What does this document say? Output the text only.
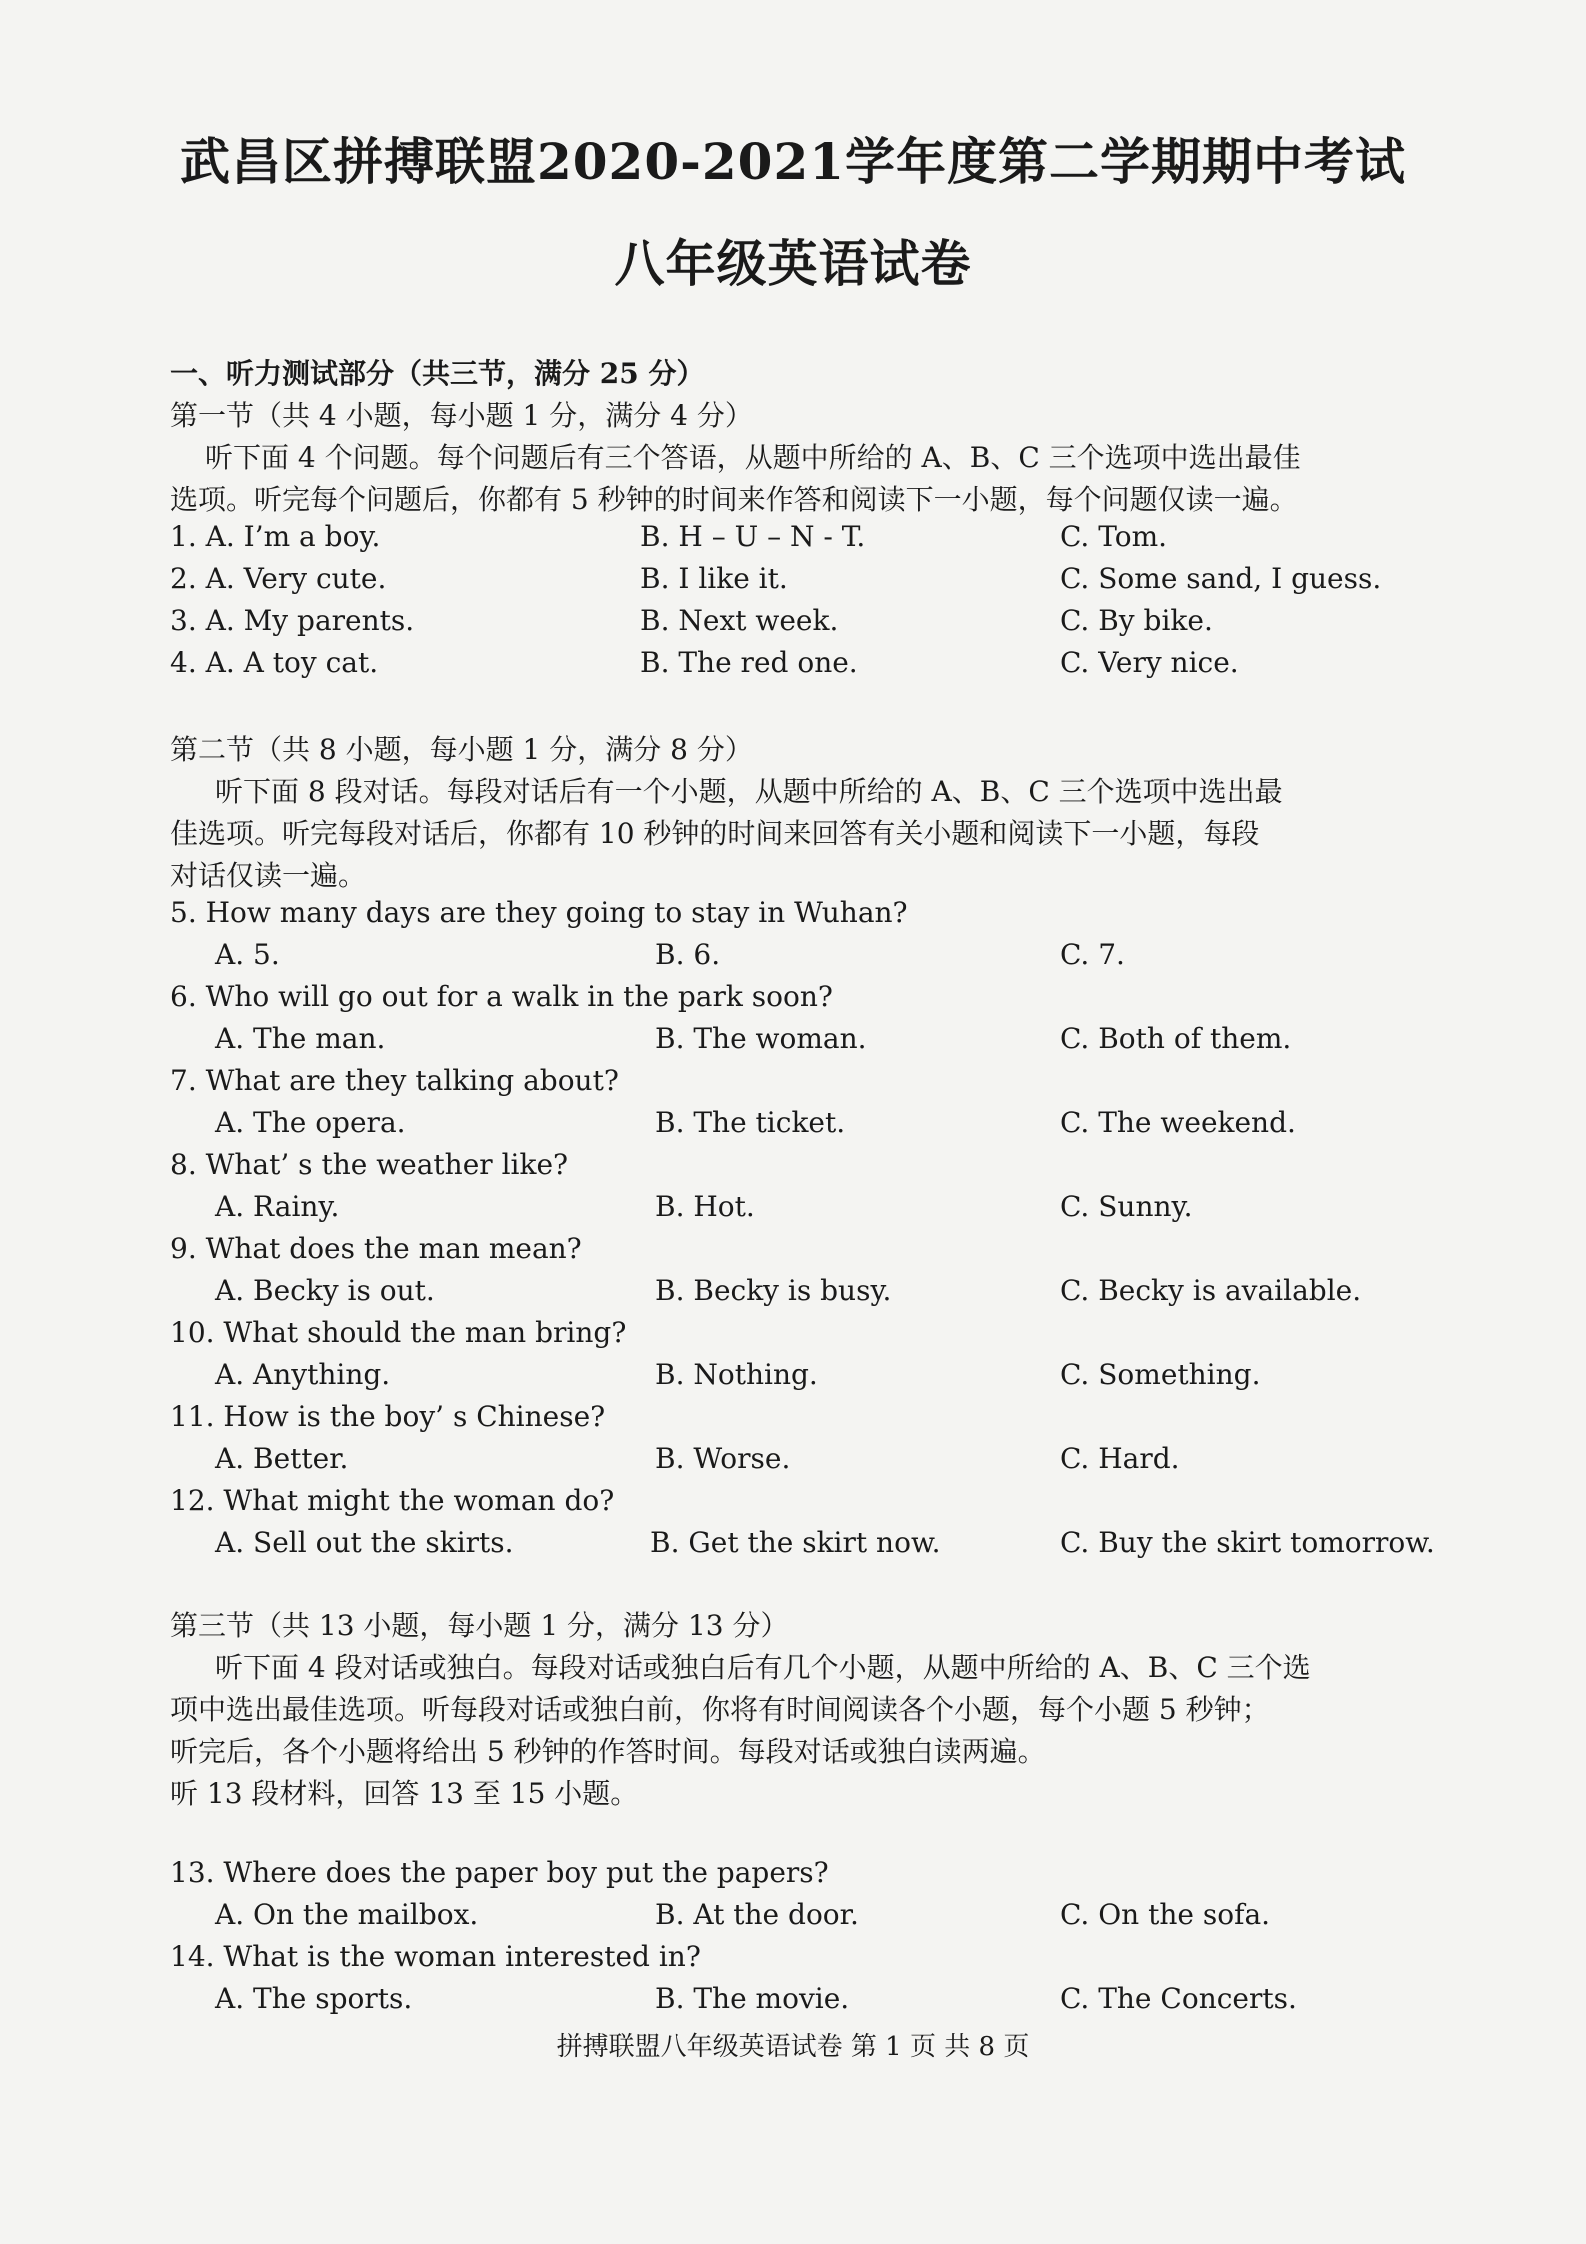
武昌区拼搏联盟2020-2021学年度第二学期期中考试
八年级英语试卷
一、听力测试部分（共三节，满分 25 分）
第一节（共 4 小题，每小题 1 分，满分 4 分）
听下面 4 个问题。每个问题后有三个答语，从题中所给的 A、B、C 三个选项中选出最佳
选项。听完每个问题后，你都有 5 秒钟的时间来作答和阅读下一小题，每个问题仅读一遍。
1. A. I’m a boy.	B. H – U – N - T.	C. Tom.
2. A. Very cute.	B. I like it.	C. Some sand, I guess.
3. A. My parents.	B. Next week.	C. By bike.
4. A. A toy cat.	B. The red one.	C. Very nice.
第二节（共 8 小题，每小题 1 分，满分 8 分）
听下面 8 段对话。每段对话后有一个小题，从题中所给的 A、B、C 三个选项中选出最
佳选项。听完每段对话后，你都有 10 秒钟的时间来回答有关小题和阅读下一小题，每段
对话仅读一遍。
5. How many days are they going to stay in Wuhan?
A. 5.	B. 6.	C. 7.
6. Who will go out for a walk in the park soon?
A. The man.	B. The woman.	C. Both of them.
7. What are they talking about?
A. The opera.	B. The ticket.	C. The weekend.
8. What’ s the weather like?
A. Rainy.	B. Hot.	C. Sunny.
9. What does the man mean?
A. Becky is out.	B. Becky is busy.	C. Becky is available.
10. What should the man bring?
A. Anything.	B. Nothing.	C. Something.
11. How is the boy’ s Chinese?
A. Better.	B. Worse.	C. Hard.
12. What might the woman do?
A. Sell out the skirts.	B. Get the skirt now.	C. Buy the skirt tomorrow.
第三节（共 13 小题，每小题 1 分，满分 13 分）
听下面 4 段对话或独白。每段对话或独白后有几个小题，从题中所给的 A、B、C 三个选
项中选出最佳选项。听每段对话或独白前，你将有时间阅读各个小题，每个小题 5 秒钟；
听完后，各个小题将给出 5 秒钟的作答时间。每段对话或独白读两遍。
听 13 段材料，回答 13 至 15 小题。
13. Where does the paper boy put the papers?
A. On the mailbox.	B. At the door.	C. On the sofa.
14. What is the woman interested in?
A. The sports.	B. The movie.	C. The Concerts.
拼搏联盟八年级英语试卷 第 1 页 共 8 页
